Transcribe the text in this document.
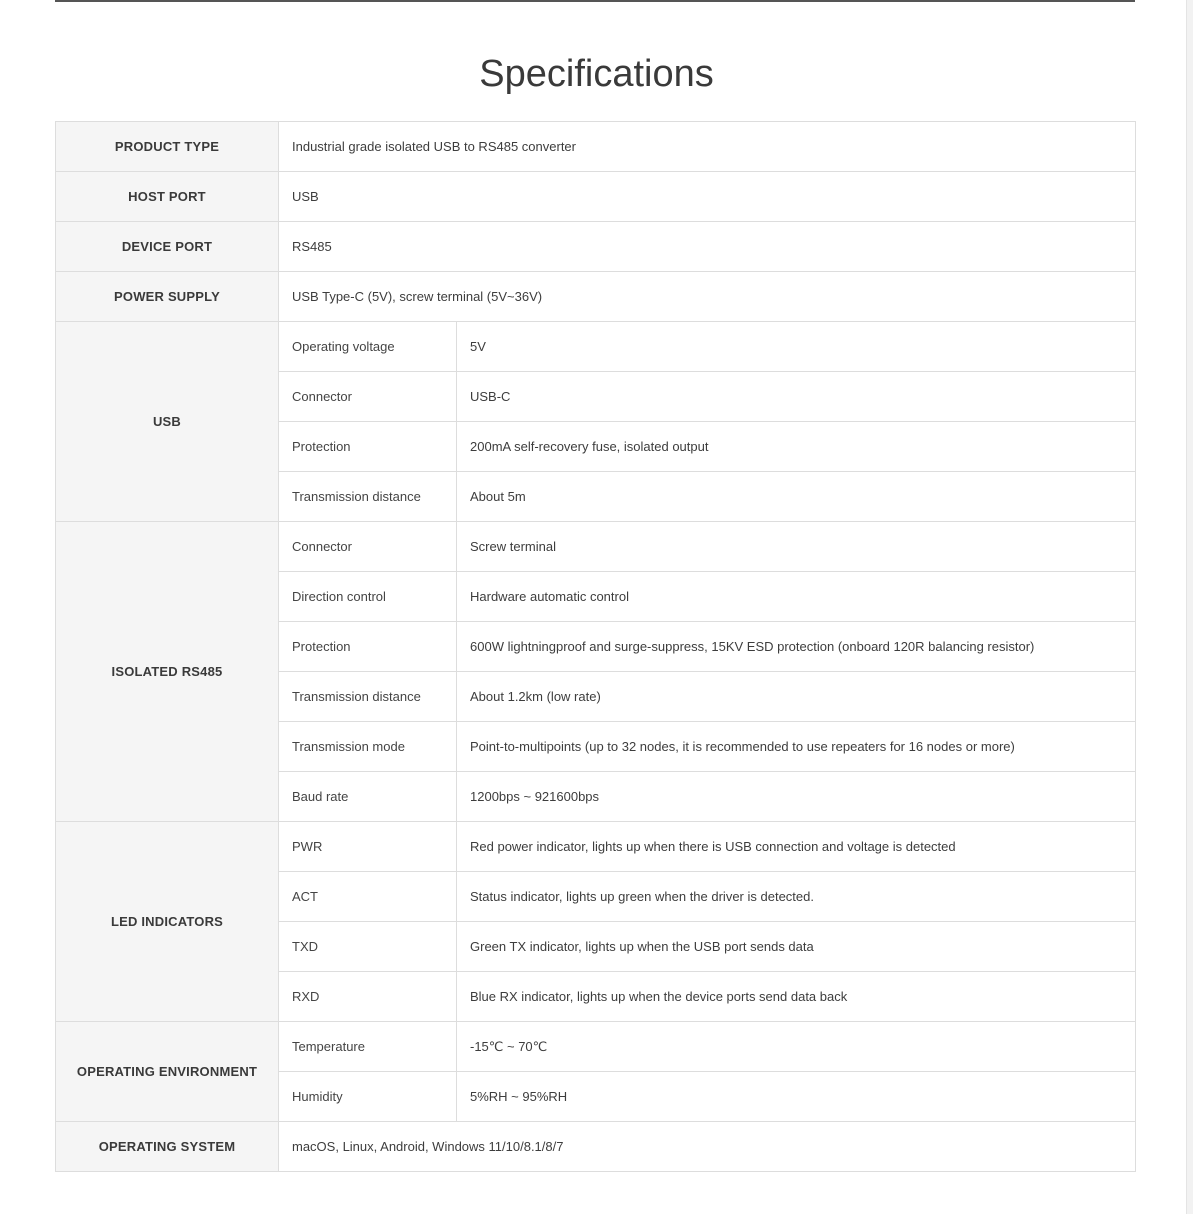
Specifications
PRODUCT TYPE	Industrial grade isolated USB to RS485 converter	
HOST PORT	USB	
DEVICE PORT	RS485	
POWER SUPPLY	USB Type-C (5V), screw terminal (5V~36V)	
USB	Operating voltage	5V
	Connector	USB-C
	Protection	200mA self-recovery fuse, isolated output
	Transmission distance	About 5m
ISOLATED RS485	Connector	Screw terminal
	Direction control	Hardware automatic control
	Protection	600W lightningproof and surge-suppress, 15KV ESD protection (onboard 120R balancing resistor)
	Transmission distance	About 1.2km (low rate)
	Transmission mode	Point-to-multipoints (up to 32 nodes, it is recommended to use repeaters for 16 nodes or more)
	Baud rate	1200bps ~ 921600bps
LED INDICATORS	PWR	Red power indicator, lights up when there is USB connection and voltage is detected
	ACT	Status indicator, lights up green when the driver is detected.
	TXD	Green TX indicator, lights up when the USB port sends data
	RXD	Blue RX indicator, lights up when the device ports send data back
OPERATING ENVIRONMENT	Temperature	-15℃ ~ 70℃
	Humidity	5%RH ~ 95%RH
OPERATING SYSTEM	macOS, Linux, Android, Windows 11/10/8.1/8/7	
